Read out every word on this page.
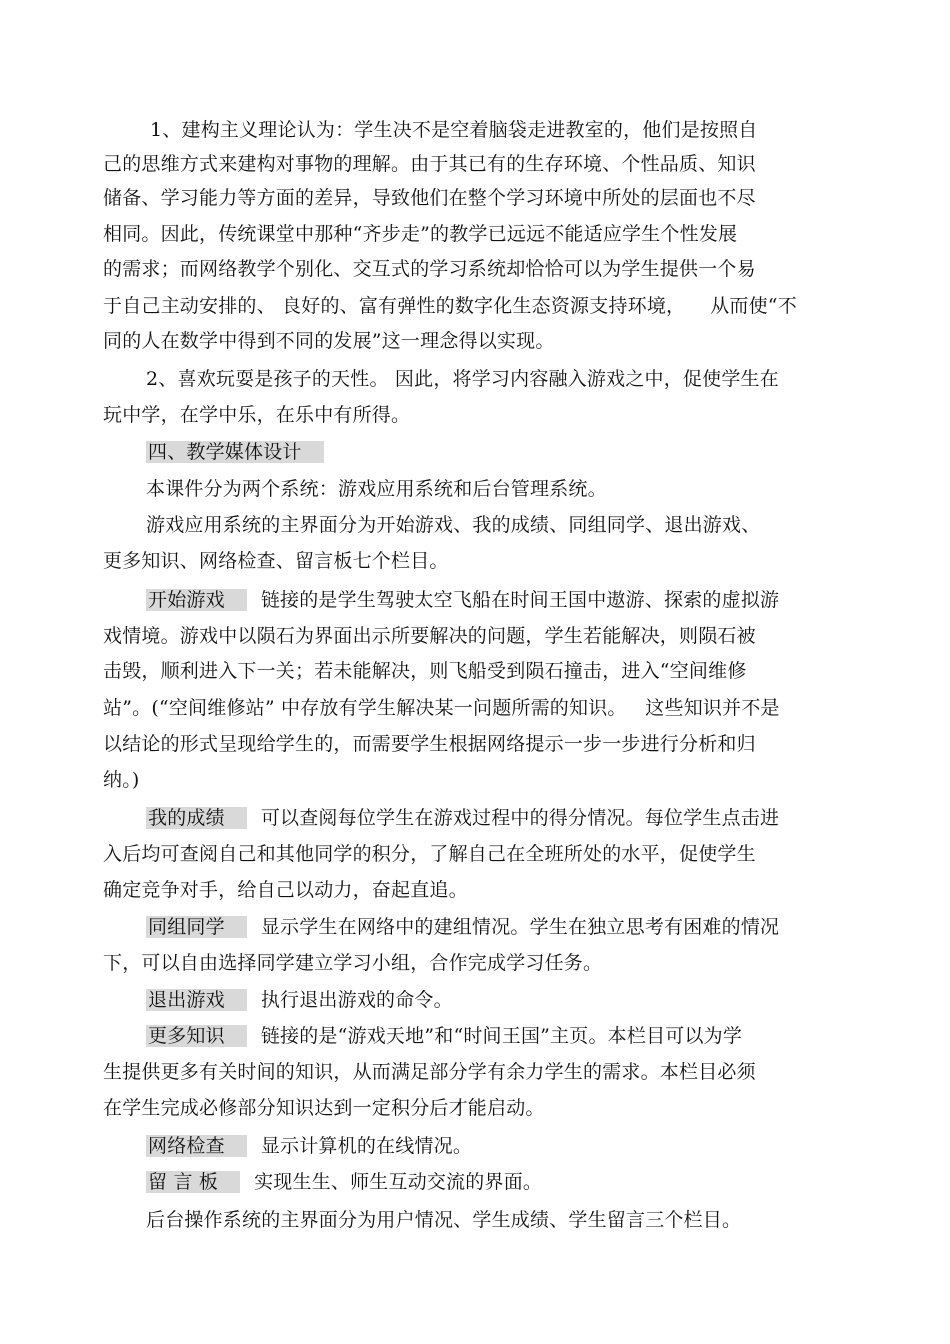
1、建构主义理论认为：学生决不是空着脑袋走进教室的，他们是按照自
己的思维方式来建构对事物的理解。由于其已有的生存环境、个性品质、知识
储备、学习能力等方面的差异，导致他们在整个学习环境中所处的层面也不尽
相同。因此，传统课堂中那种“齐步走”的教学已远远不能适应学生个性发展
的需求；而网络教学个别化、交互式的学习系统却恰恰可以为学生提供一个易
于自己主动安排的、 良好的、富有弹性的数字化生态资源支持环境，    从而使“不
同的人在数学中得到不同的发展”这一理念得以实现。
2、喜欢玩耍是孩子的天性。 因此，将学习内容融入游戏之中，促使学生在
玩中学，在学中乐，在乐中有所得。
四、教学媒体设计
本课件分为两个系统：游戏应用系统和后台管理系统。
游戏应用系统的主界面分为开始游戏、我的成绩、同组同学、退出游戏、
更多知识、网络检查、留言板七个栏目。
开始游戏 链接的是学生驾驶太空飞船在时间王国中遨游、探索的虚拟游
戏情境。游戏中以陨石为界面出示所要解决的问题，学生若能解决，则陨石被
击毁，顺利进入下一关；若未能解决，则飞船受到陨石撞击，进入“空间维修
站”。(“空间维修站” 中存放有学生解决某一问题所需的知识。   这些知识并不是
以结论的形式呈现给学生的，而需要学生根据网络提示一步一步进行分析和归
纳。)
我的成绩 可以查阅每位学生在游戏过程中的得分情况。每位学生点击进
入后均可查阅自己和其他同学的积分，了解自己在全班所处的水平，促使学生
确定竞争对手，给自己以动力，奋起直追。
同组同学 显示学生在网络中的建组情况。学生在独立思考有困难的情况
下，可以自由选择同学建立学习小组，合作完成学习任务。
退出游戏 执行退出游戏的命令。
更多知识 链接的是“游戏天地”和“时间王国”主页。本栏目可以为学
生提供更多有关时间的知识，从而满足部分学有余力学生的需求。本栏目必须
在学生完成必修部分知识达到一定积分后才能启动。
网络检查 显示计算机的在线情况。
留 言 板 实现生生、师生互动交流的界面。
后台操作系统的主界面分为用户情况、学生成绩、学生留言三个栏目。
